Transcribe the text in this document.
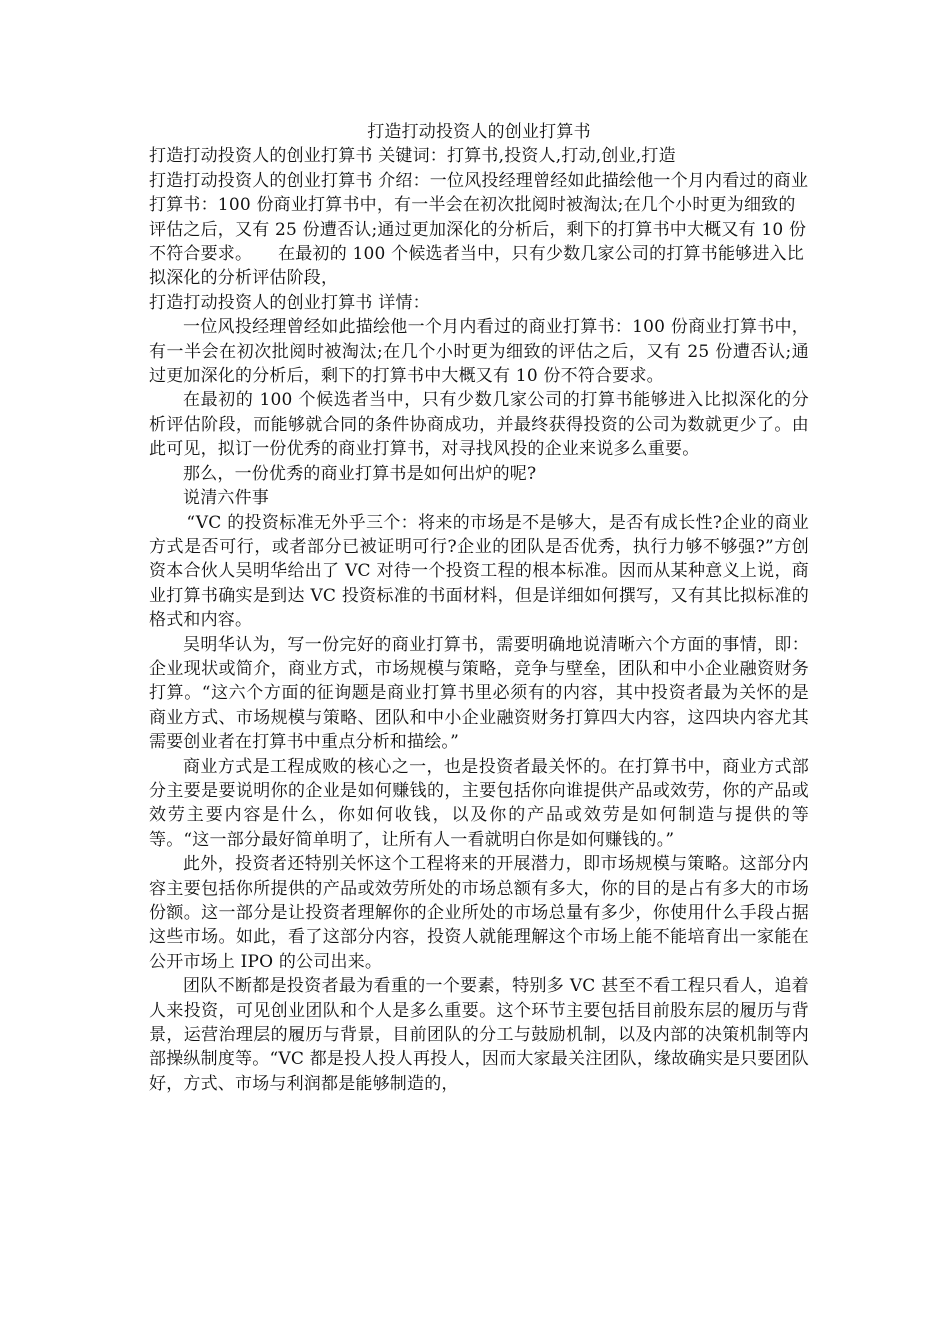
打造打动投资人的创业打算书

打造打动投资人的创业打算书 关键词：打算书,投资人,打动,创业,打造

打造打动投资人的创业打算书 介绍：一位风投经理曾经如此描绘他一个月内看过的商业打算书：100 份商业打算书中，有一半会在初次批阅时被淘汰;在几个小时更为细致的评估之后，又有 25 份遭否认;通过更加深化的分析后，剩下的打算书中大概又有 10 份不符合要求。　　在最初的 100 个候选者当中，只有少数几家公司的打算书能够进入比拟深化的分析评估阶段，

打造打动投资人的创业打算书 详情：

一位风投经理曾经如此描绘他一个月内看过的商业打算书：100 份商业打算书中，有一半会在初次批阅时被淘汰;在几个小时更为细致的评估之后，又有 25 份遭否认;通过更加深化的分析后，剩下的打算书中大概又有 10 份不符合要求。

在最初的 100 个候选者当中，只有少数几家公司的打算书能够进入比拟深化的分析评估阶段，而能够就合同的条件协商成功，并最终获得投资的公司为数就更少了。由此可见，拟订一份优秀的商业打算书，对寻找风投的企业来说多么重要。

那么，一份优秀的商业打算书是如何出炉的呢?

说清六件事

“VC 的投资标准无外乎三个：将来的市场是不是够大，是否有成长性?企业的商业方式是否可行，或者部分已被证明可行?企业的团队是否优秀，执行力够不够强?”方创资本合伙人吴明华给出了 VC 对待一个投资工程的根本标准。因而从某种意义上说，商业打算书确实是到达 VC 投资标准的书面材料，但是详细如何撰写，又有其比拟标准的格式和内容。

吴明华认为，写一份完好的商业打算书，需要明确地说清晰六个方面的事情，即：企业现状或简介，商业方式，市场规模与策略，竞争与壁垒，团队和中小企业融资财务打算。“这六个方面的征询题是商业打算书里必须有的内容，其中投资者最为关怀的是商业方式、市场规模与策略、团队和中小企业融资财务打算四大内容，这四块内容尤其需要创业者在打算书中重点分析和描绘。”

商业方式是工程成败的核心之一，也是投资者最关怀的。在打算书中，商业方式部分主要是要说明你的企业是如何赚钱的，主要包括你向谁提供产品或效劳，你的产品或效劳主要内容是什么，你如何收钱，以及你的产品或效劳是如何制造与提供的等等。“这一部分最好简单明了，让所有人一看就明白你是如何赚钱的。”

此外，投资者还特别关怀这个工程将来的开展潜力，即市场规模与策略。这部分内容主要包括你所提供的产品或效劳所处的市场总额有多大，你的目的是占有多大的市场份额。这一部分是让投资者理解你的企业所处的市场总量有多少，你使用什么手段占据这些市场。如此，看了这部分内容，投资人就能理解这个市场上能不能培育出一家能在公开市场上 IPO 的公司出来。

团队不断都是投资者最为看重的一个要素，特别多 VC 甚至不看工程只看人，追着人来投资，可见创业团队和个人是多么重要。这个环节主要包括目前股东层的履历与背景，运营治理层的履历与背景，目前团队的分工与鼓励机制，以及内部的决策机制等内部操纵制度等。“VC 都是投人投人再投人，因而大家最关注团队，缘故确实是只要团队好，方式、市场与利润都是能够制造的，
